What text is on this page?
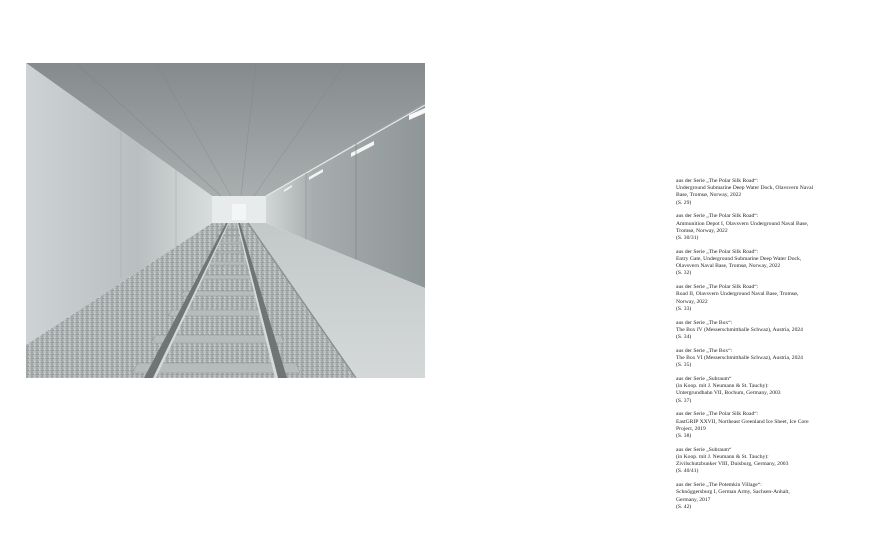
aus der Serie „The Polar Silk Road“:
Underground Submarine Deep Water Dock, Olavsvern Naval
Base, Tromsø, Norway, 2022
(S. 29)
aus der Serie „The Polar Silk Road“:
Ammunition Depot I, Olavsvern Underground Naval Base,
Tromsø, Norway, 2022
(S. 30/31)
aus der Serie „The Polar Silk Road“:
Entry Gate, Underground Submarine Deep Water Dock,
Olavsvern Naval Base, Tromsø, Norway, 2022
(S. 32)
aus der Serie „The Polar Silk Road“:
Road II, Olavsvern Underground Naval Base, Tromsø,
Norway, 2022
(S. 33)
aus der Serie „The Box“:
The Box IV (Messerschmitthalle Schwaz), Austria, 2024
(S. 34)
aus der Serie „The Box“:
The Box VI (Messerschmitthalle Schwaz), Austria, 2024
(S. 35)
aus der Serie „Subraum“
(in Koop. mit J. Neumann & St. Tauchy):
Untergrundbahn VII, Bochum, Germany, 2003
(S. 37)
aus der Serie „The Polar Silk Road“:
EastGRIP XXVII, Northeast Greenland Ice Sheet, Ice Core
Project, 2019
(S. 38)
aus der Serie „Subraum“
(in Koop. mit J. Neumann & St. Tauchy):
Zivilschutzbunker VIII, Duisburg, Germany, 2003
(S. 40/41)
aus der Serie „The Potemkin Village“:
Schnöggersburg I, German Army, Sachsen-Anhalt,
Germany, 2017
(S. 42)
